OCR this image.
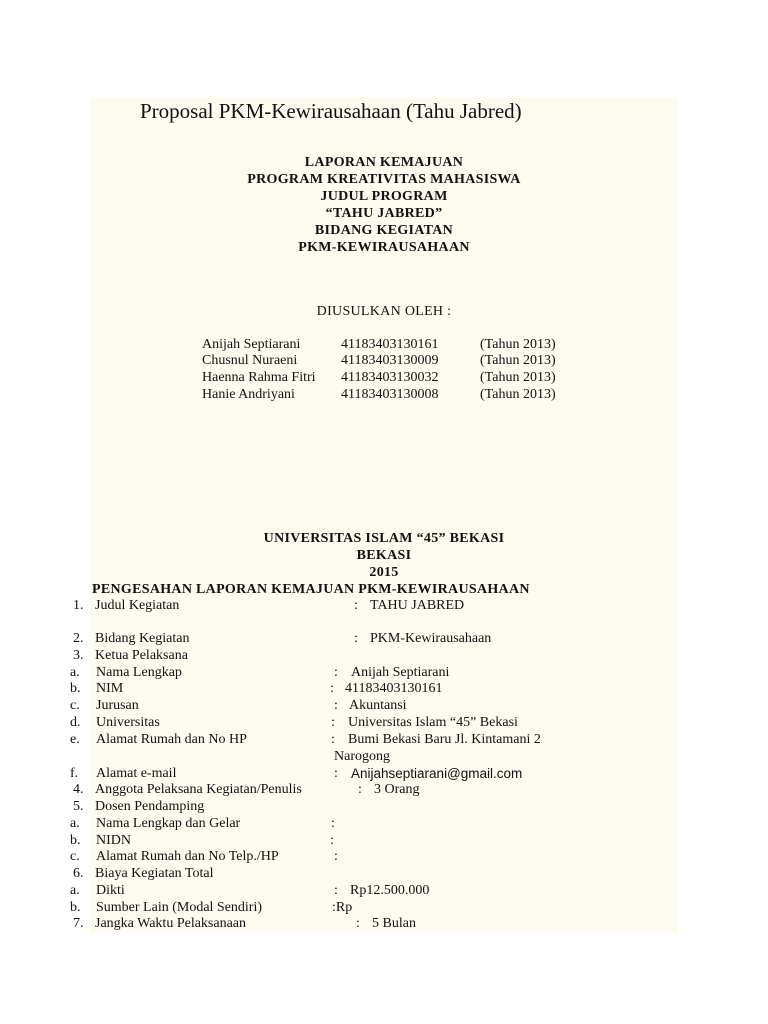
Proposal PKM-Kewirausahaan (Tahu Jabred)
LAPORAN KEMAJUAN
PROGRAM KREATIVITAS MAHASISWA
JUDUL PROGRAM
“TAHU JABRED”
BIDANG KEGIATAN
PKM-KEWIRAUSAHAAN
DIUSULKAN OLEH :
Anijah Septiarani	41183403130161	(Tahun 2013)
Chusnul Nuraeni	41183403130009	(Tahun 2013)
Haenna Rahma Fitri 41183403130032	(Tahun 2013)
Hanie Andriyani	41183403130008	(Tahun 2013)
UNIVERSITAS ISLAM “45” BEKASI
BEKASI
2015
PENGESAHAN LAPORAN KEMAJUAN PKM-KEWIRAUSAHAAN
1. Judul Kegiatan	: TAHU JABRED
2. Bidang Kegiatan	: PKM-Kewirausahaan
3. Ketua Pelaksana
a. Nama Lengkap	: Anijah Septiarani
b. NIM	: 41183403130161
c. Jurusan	: Akuntansi
d. Universitas	: Universitas Islam “45” Bekasi
e. Alamat Rumah dan No HP	: Bumi Bekasi Baru Jl. Kintamani 2
Narogong
f. Alamat e-mail	: Anijahseptiarani@gmail.com
4. Anggota Pelaksana Kegiatan/Penulis	: 3 Orang
5. Dosen Pendamping
a. Nama Lengkap dan Gelar	:
b. NIDN	:
c. Alamat Rumah dan No Telp./HP	:
6. Biaya Kegiatan Total
a. Dikti	: Rp12.500.000
b. Sumber Lain (Modal Sendiri)	:Rp
7. Jangka Waktu Pelaksanaan	: 5 Bulan
